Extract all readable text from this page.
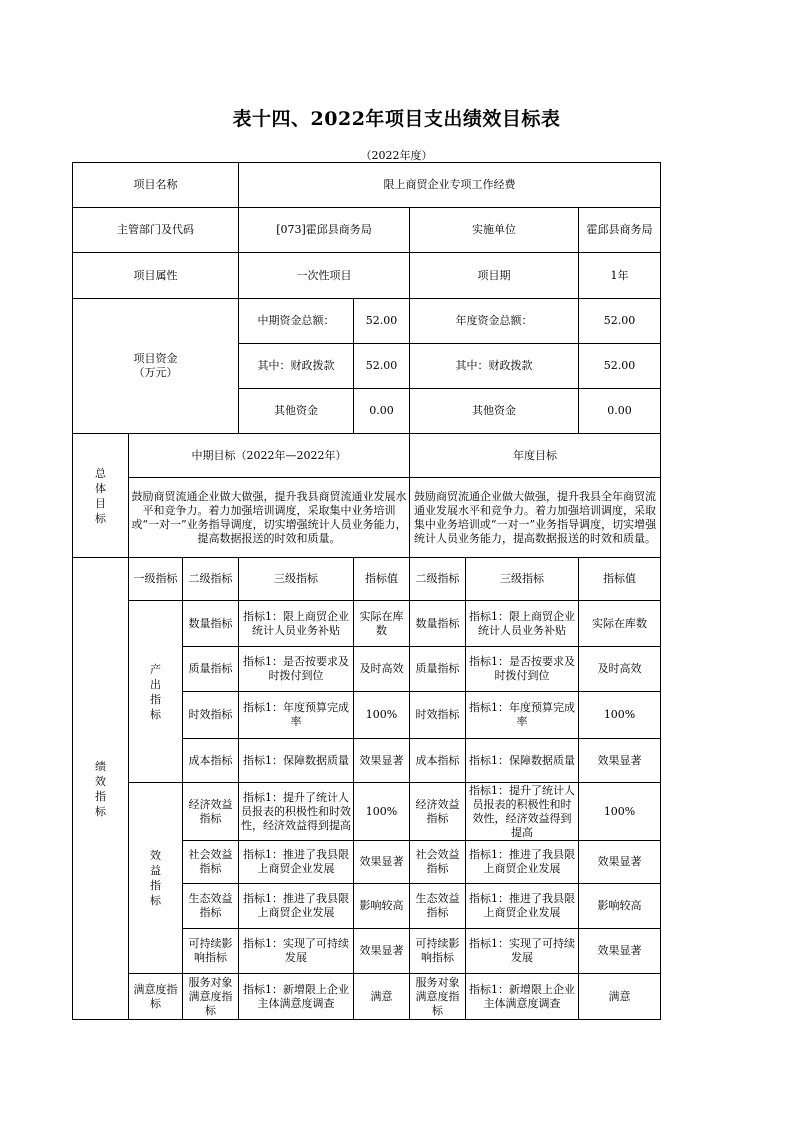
表十四、2022年项目支出绩效目标表
（2022年度）
项目名称			限上商贸企业专项工作经费				
主管部门及代码			[073]霍邱县商务局		实施单位		霍邱县商务局
项目属性			一次性项目		项目期		1年
项目资金
（万元）			中期资金总额：	52.00	年度资金总额：		52.00
			其中：财政拨款	52.00	其中：财政拨款		52.00
			其他资金	0.00	其他资金		0.00
总体目标	中期目标（2022年—2022年）				年度目标		
	鼓励商贸流通企业做大做强，提升我县商贸流通业发展水平和竞争力。着力加强培训调度，采取集中业务培训或“一对一”业务指导调度，切实增强统计人员业务能力，提高数据报送的时效和质量。				鼓励商贸流通企业做大做强，提升我县全年商贸流通业发展水平和竞争力。着力加强培训调度，采取集中业务培训或“一对一”业务指导调度，切实增强统计人员业务能力，提高数据报送的时效和质量。		
绩效指标	一级指标	二级指标	三级指标	指标值	二级指标	三级指标	指标值
	产出指标	数量指标	指标1：限上商贸企业统计人员业务补贴	实际在库数	数量指标	指标1：限上商贸企业统计人员业务补贴	实际在库数
		质量指标	指标1：是否按要求及时拨付到位	及时高效	质量指标	指标1：是否按要求及时拨付到位	及时高效
		时效指标	指标1：年度预算完成率	100%	时效指标	指标1：年度预算完成率	100%
		成本指标	指标1：保障数据质量	效果显著	成本指标	指标1：保障数据质量	效果显著
	效益指标	经济效益指标	指标1：提升了统计人员报表的积极性和时效性，经济效益得到提高	100%	经济效益指标	指标1：提升了统计人员报表的积极性和时效性，经济效益得到提高	100%
		社会效益指标	指标1：推进了我县限上商贸企业发展	效果显著	社会效益指标	指标1：推进了我县限上商贸企业发展	效果显著
		生态效益指标	指标1：推进了我县限上商贸企业发展	影响较高	生态效益指标	指标1：推进了我县限上商贸企业发展	影响较高
		可持续影响指标	指标1：实现了可持续发展	效果显著	可持续影响指标	指标1：实现了可持续发展	效果显著
	满意度指标	服务对象满意度指标	指标1：新增限上企业主体满意度调查	满意	服务对象满意度指标	指标1：新增限上企业主体满意度调查	满意
